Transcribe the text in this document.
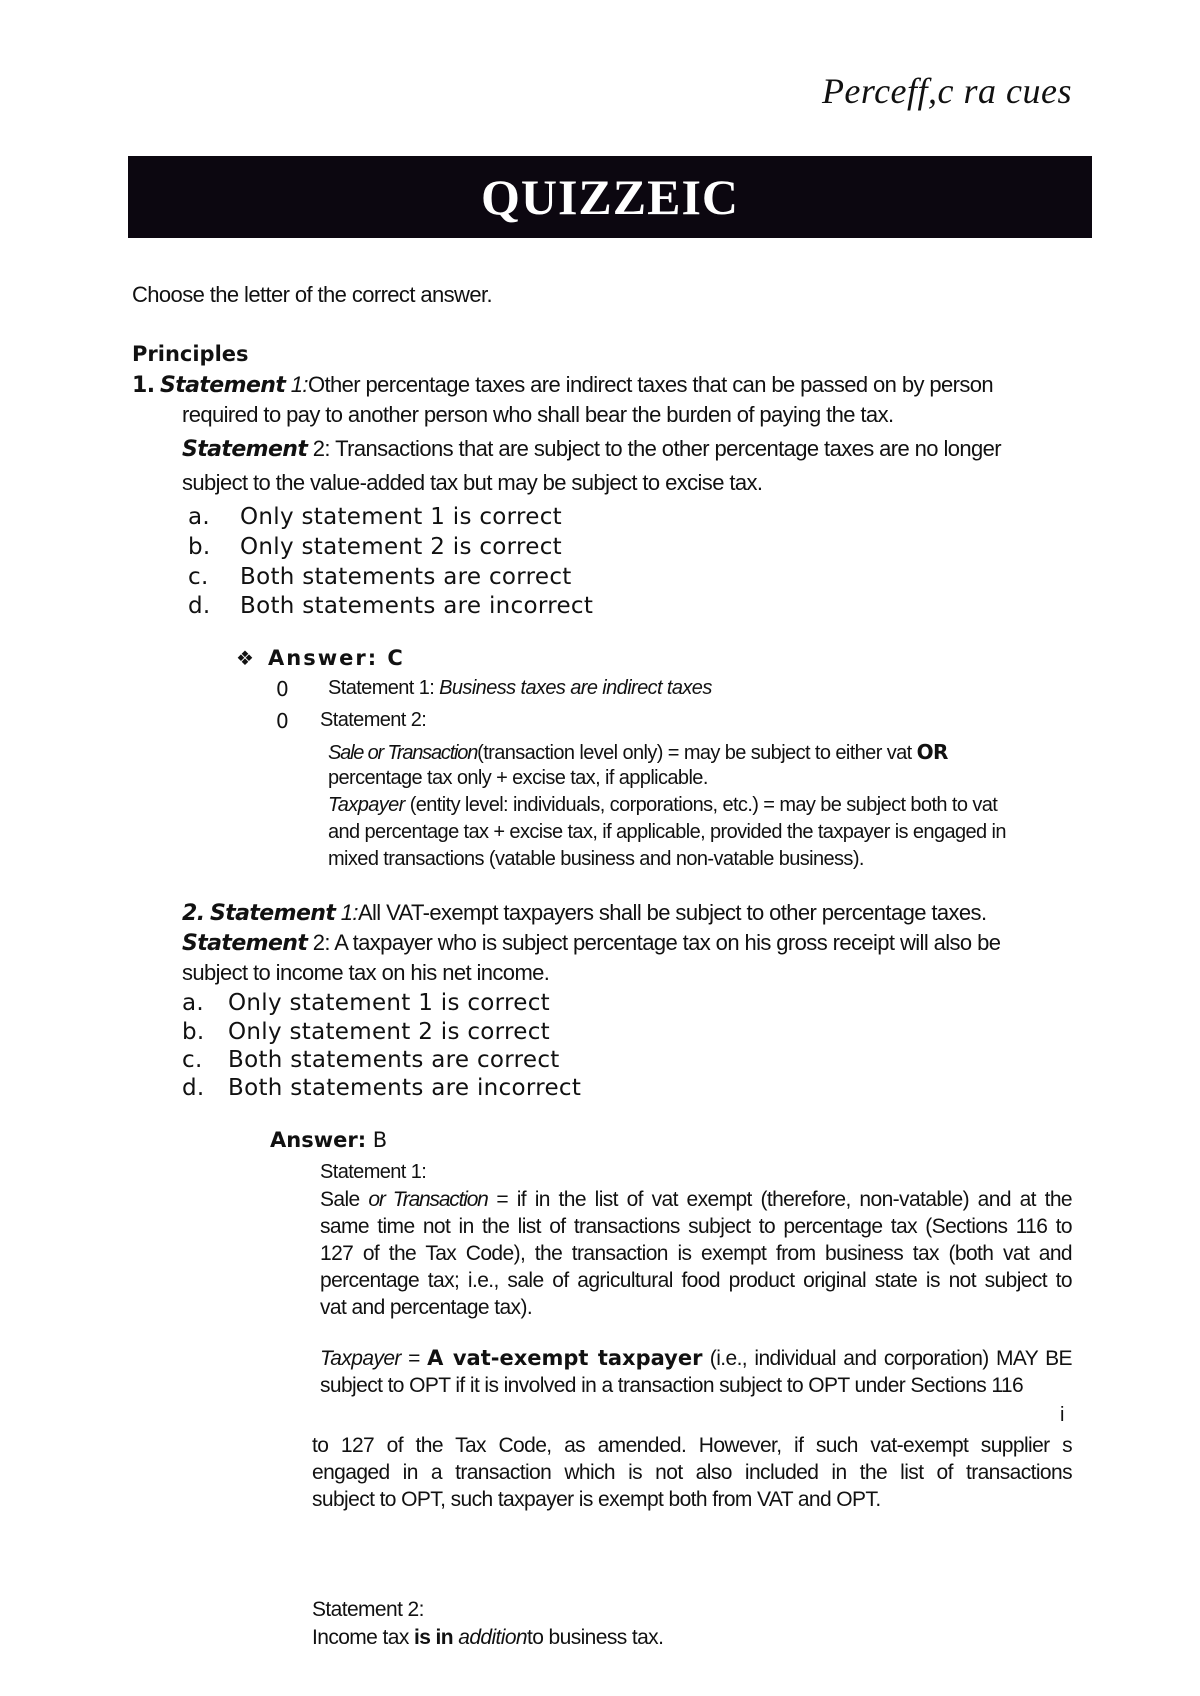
Perceff,c ra cues
QUIZZEIC
Choose the letter of the correct answer.
Principles
1. Statement 1:Other percentage taxes are indirect taxes that can be passed on by person
required to pay to another person who shall bear the burden of paying the tax.
Statement 2: Transactions that are subject to the other percentage taxes are no longer
subject to the value-added tax but may be subject to excise tax.
a. Only statement 1 is correct
b. Only statement 2 is correct
c. Both statements are correct
d. Both statements are incorrect
❖ Answer: C
0 Statement 1: Business taxes are indirect taxes
0 Statement 2:
Sale or Transaction(transaction level only) = may be subject to either vat OR
percentage tax only + excise tax, if applicable.
Taxpayer (entity level: individuals, corporations, etc.) = may be subject both to vat
and percentage tax + excise tax, if applicable, provided the taxpayer is engaged in
mixed transactions (vatable business and non-vatable business).
2. Statement 1:All VAT-exempt taxpayers shall be subject to other percentage taxes.
Statement 2: A taxpayer who is subject percentage tax on his gross receipt will also be
subject to income tax on his net income.
a. Only statement 1 is correct
b. Only statement 2 is correct
c. Both statements are correct
d. Both statements are incorrect
Answer: B
Statement 1:
Sale or Transaction = if in the list of vat exempt (therefore, non-vatable) and at the
same time not in the list of transactions subject to percentage tax (Sections 116 to
127 of the Tax Code), the transaction is exempt from business tax (both vat and
percentage tax; i.e., sale of agricultural food product original state is not subject to
vat and percentage tax).
Taxpayer = A vat-exempt taxpayer (i.e., individual and corporation) MAY BE
subject to OPT if it is involved in a transaction subject to OPT under Sections 116
i
to 127 of the Tax Code, as amended. However, if such vat-exempt supplier s
engaged in a transaction which is not also included in the list of transactions
subject to OPT, such taxpayer is exempt both from VAT and OPT.
Statement 2:
Income tax is in additionto business tax.
